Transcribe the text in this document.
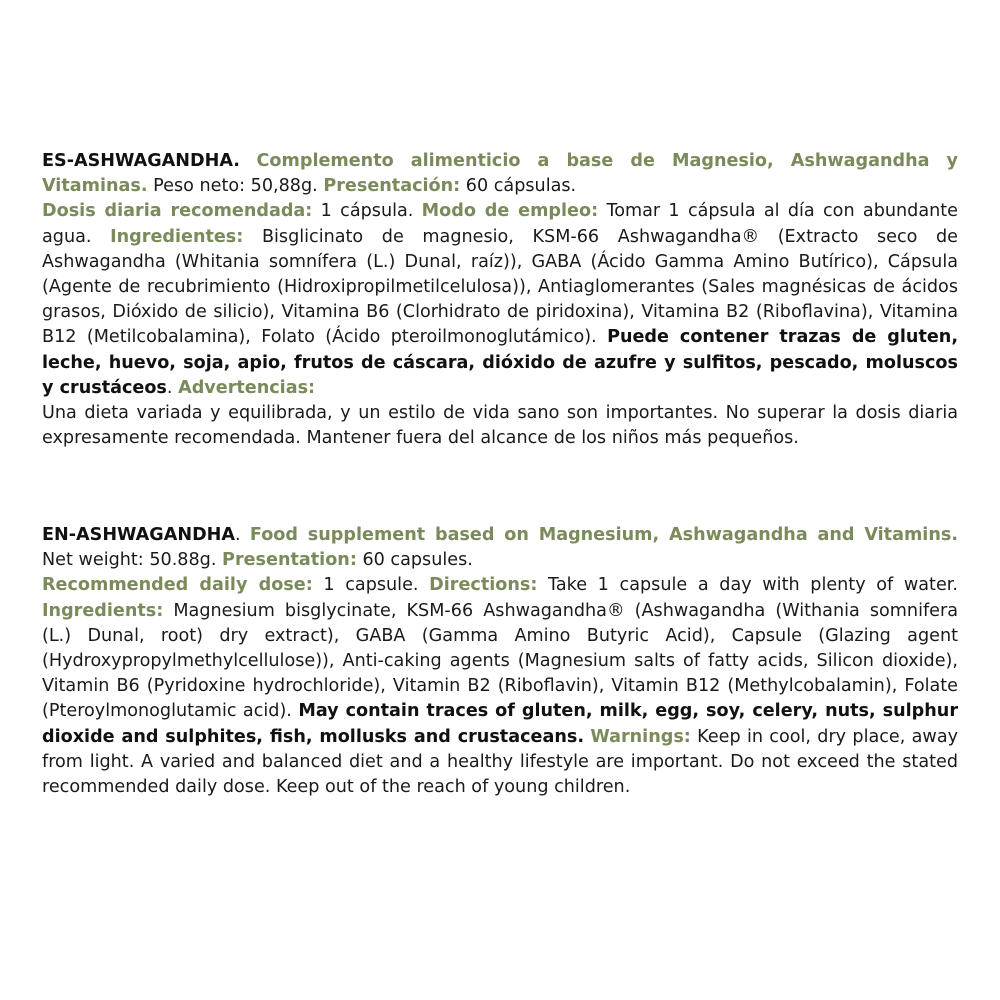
ES-ASHWAGANDHA. Complemento alimenticio a base de Magnesio, Ashwagandha y Vitaminas. Peso neto: 50,88g. Presentación: 60 cápsulas.
Dosis diaria recomendada: 1 cápsula. Modo de empleo: Tomar 1 cápsula al día con abundante agua. Ingredientes: Bisglicinato de magnesio, KSM-66 Ashwagandha® (Extracto seco de Ashwagandha (Whitania somnífera (L.) Dunal, raíz)), GABA (Ácido Gamma Amino Butírico), Cápsula (Agente de recubrimiento (Hidroxipropilmetilcelulosa)), Antiaglomerantes (Sales magnésicas de ácidos grasos, Dióxido de silicio), Vitamina B6 (Clorhidrato de piridoxina), Vitamina B2 (Riboflavina), Vitamina B12 (Metilcobalamina), Folato (Ácido pteroilmonoglutámico). Puede contener trazas de gluten, leche, huevo, soja, apio, frutos de cáscara, dióxido de azufre y sulfitos, pescado, moluscos y crustáceos. Advertencias:
Una dieta variada y equilibrada, y un estilo de vida sano son importantes. No superar la dosis diaria expresamente recomendada. Mantener fuera del alcance de los niños más pequeños.
EN-ASHWAGANDHA. Food supplement based on Magnesium, Ashwagandha and Vitamins. Net weight: 50.88g. Presentation: 60 capsules.
Recommended daily dose: 1 capsule. Directions: Take 1 capsule a day with plenty of water. Ingredients: Magnesium bisglycinate, KSM-66 Ashwagandha® (Ashwagandha (Withania somnifera (L.) Dunal, root) dry extract), GABA (Gamma Amino Butyric Acid), Capsule (Glazing agent (Hydroxypropylmethylcellulose)), Anti-caking agents (Magnesium salts of fatty acids, Silicon dioxide), Vitamin B6 (Pyridoxine hydrochloride), Vitamin B2 (Riboflavin), Vitamin B12 (Methylcobalamin), Folate (Pteroylmonoglutamic acid). May contain traces of gluten, milk, egg, soy, celery, nuts, sulphur dioxide and sulphites, fish, mollusks and crustaceans. Warnings: Keep in cool, dry place, away from light. A varied and balanced diet and a healthy lifestyle are important. Do not exceed the stated recommended daily dose. Keep out of the reach of young children.
